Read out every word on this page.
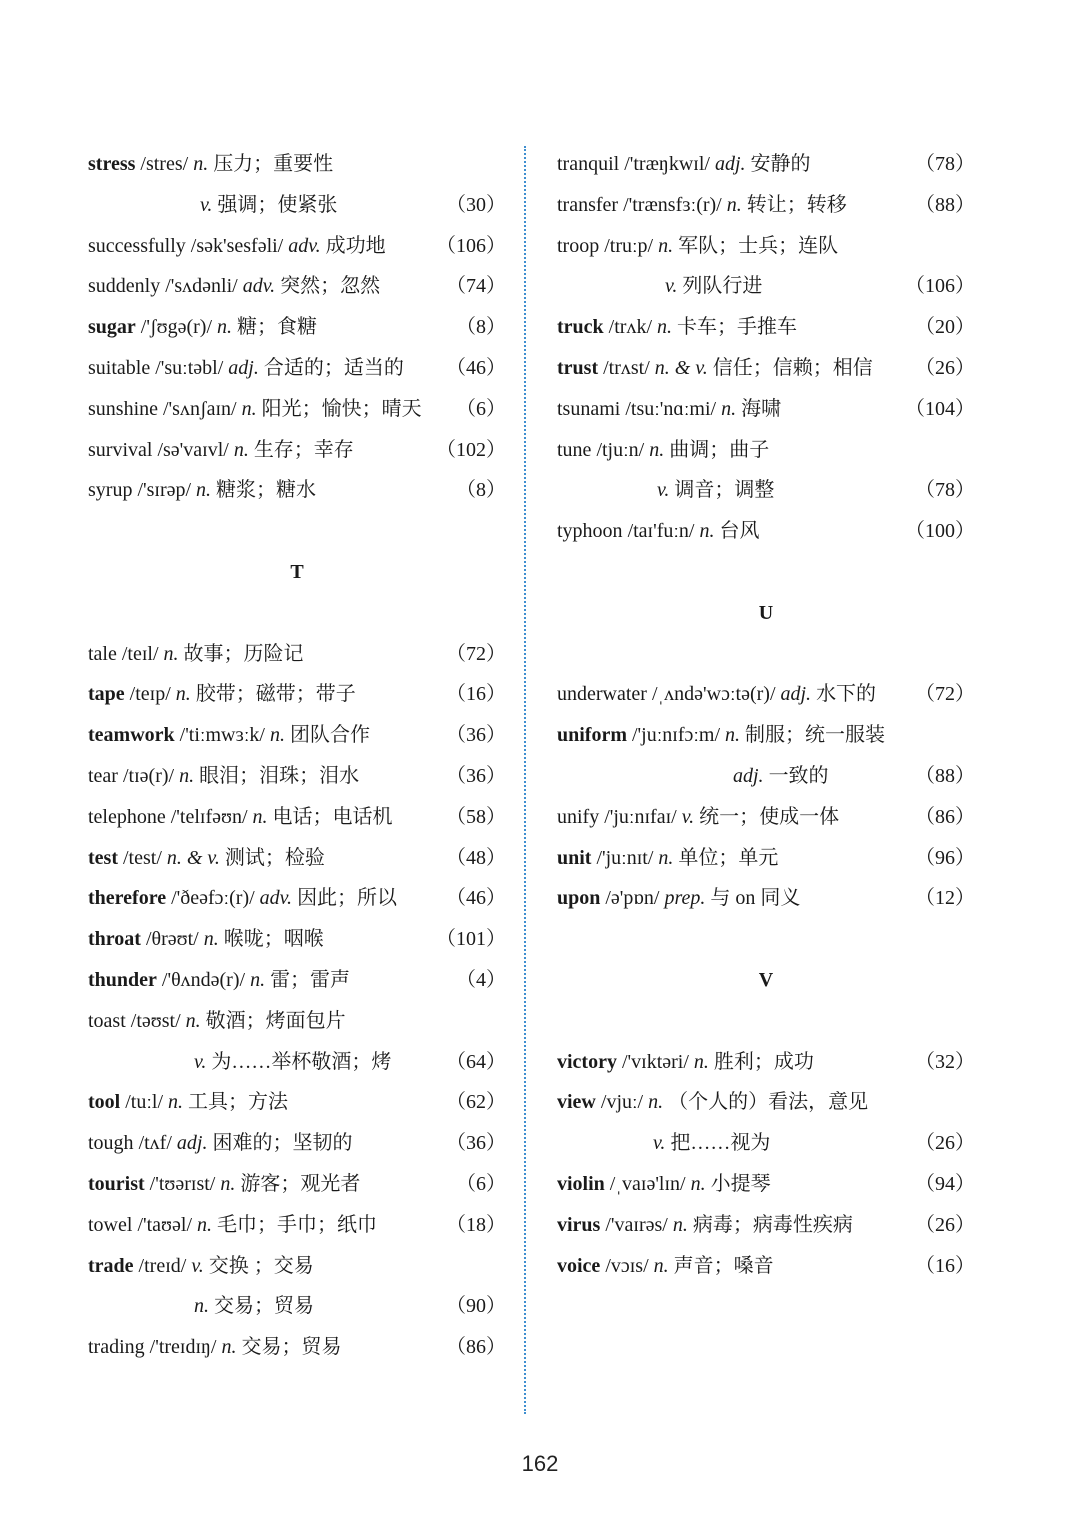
stress /stres/ n. 压力；重要性
v. 强调；使紧张	（30）
successfully /sək'sesfəli/ adv. 成功地	（106）
suddenly /'sʌdənli/ adv. 突然；忽然	（74）
sugar /'ʃʊgə(r)/ n. 糖；食糖	（8）
suitable /'suːtəbl/ adj. 合适的；适当的 （46）
sunshine /'sʌnʃaɪn/ n. 阳光；愉快；晴天 （6）
survival /sə'vaɪvl/ n. 生存；幸存	（102）
syrup /'sɪrəp/ n. 糖浆；糖水	（8）
T
tale /teɪl/ n. 故事；历险记	（72）
tape /teɪp/ n. 胶带；磁带；带子	（16）
teamwork /'tiːmwɜːk/ n. 团队合作	（36）
tear /tɪə(r)/ n. 眼泪；泪珠；泪水	（36）
telephone /'telɪfəʊn/ n. 电话；电话机	（58）
test /test/ n. & v. 测试；检验	（48）
therefore /'ðeəfɔː(r)/ adv. 因此；所以 （46）
throat /θrəʊt/ n. 喉咙；咽喉	（101）
thunder /'θʌndə(r)/ n. 雷；雷声	（4）
toast /təʊst/ n. 敬酒；烤面包片
v. 为……举杯敬酒；烤	（64）
tool /tuːl/ n. 工具；方法	（62）
tough /tʌf/ adj. 困难的；坚韧的	（36）
tourist /'tʊərɪst/ n. 游客；观光者	（6）
towel /'taʊəl/ n. 毛巾；手巾；纸巾	（18）
trade /treɪd/ v. 交换 ；交易
n. 交易；贸易	（90）
trading /'treɪdɪŋ/ n. 交易；贸易	（86）
tranquil /'træŋkwɪl/ adj. 安静的	（78）
transfer /'trænsfɜː(r)/ n. 转让；转移	（88）
troop /truːp/ n. 军队；士兵；连队
v. 列队行进	（106）
truck /trʌk/ n. 卡车；手推车	（20）
trust /trʌst/ n. & v. 信任；信赖；相信 （26）
tsunami /tsuː'nɑːmi/ n. 海啸	（104）
tune /tjuːn/ n. 曲调；曲子
v. 调音；调整	（78）
typhoon /taɪ'fuːn/ n. 台风	（100）
U
underwater /ˌʌndə'wɔːtə(r)/ adj. 水下的 （72）
uniform /'juːnɪfɔːm/ n. 制服；统一服装
adj. 一致的	（88）
unify /'juːnɪfaɪ/ v. 统一；使成一体	（86）
unit /'juːnɪt/ n. 单位；单元	（96）
upon /ə'pɒn/ prep. 与 on 同义	（12）
V
victory /'vɪktəri/ n. 胜利；成功	（32）
view /vjuː/ n. （个人的）看法，意见
v. 把……视为	（26）
violin /ˌvaɪə'lɪn/ n. 小提琴	（94）
virus /'vaɪrəs/ n. 病毒；病毒性疾病	（26）
voice /vɔɪs/ n. 声音；嗓音	（16）
162
